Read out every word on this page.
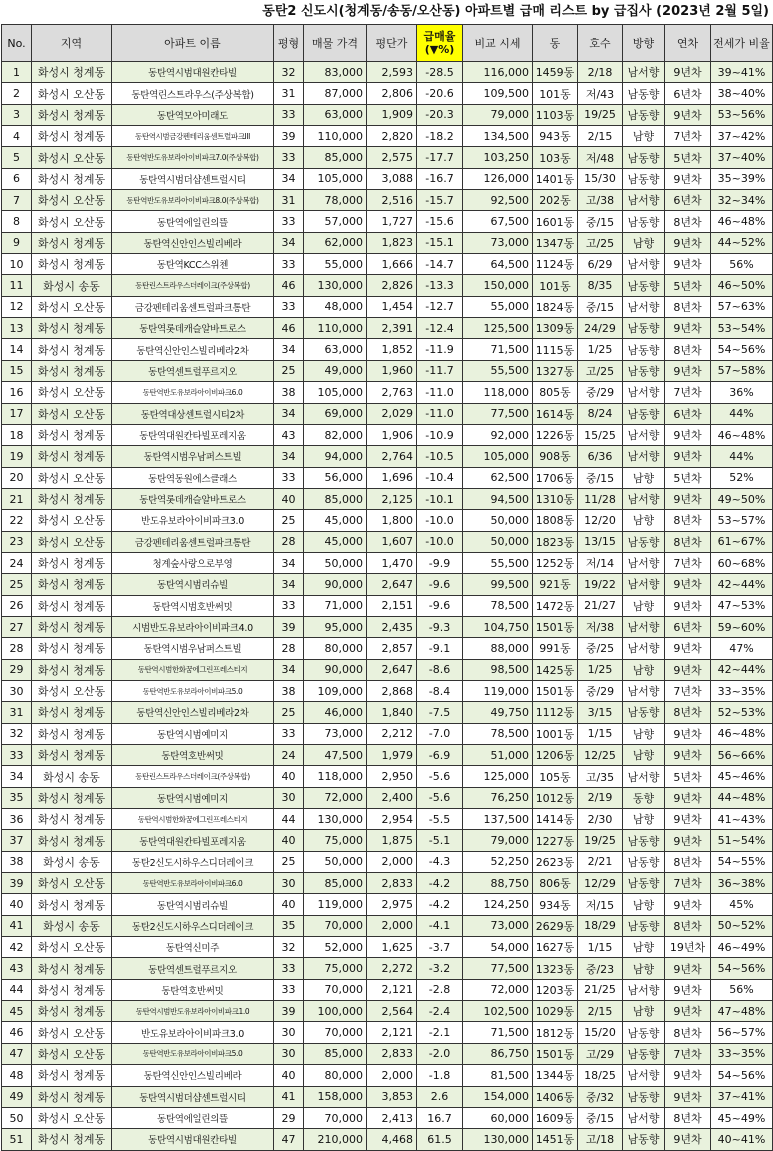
동탄2 신도시(청계동/송동/오산동) 아파트별 급매 리스트 by 급집사 (2023년 2월 5일)
No.	지역	아파트 이름	평형	매물 가격	평단가	급매율 (▼%)	비교 시세	동	호수	방향	연차	전세가 비율
1	화성시 청계동	동탄역시범대원칸타빌	32	83,000	2,593	-28.5	116,000	1459동	2/18	남서향	9년차	39~41%
2	화성시 오산동	동탄역린스트라우스(주상복합)	31	87,000	2,806	-20.6	109,500	101동	저/43	남동향	6년차	38~40%
3	화성시 청계동	동탄역모아미래도	33	63,000	1,909	-20.3	79,000	1103동	19/25	남동향	9년차	53~56%
4	화성시 청계동	동탄역시범금강펜테리움센트럴파크III	39	110,000	2,820	-18.2	134,500	943동	2/15	남향	7년차	37~42%
5	화성시 오산동	동탄역반도유보라아이비파크7.0(주상복합)	33	85,000	2,575	-17.7	103,250	103동	저/48	남동향	5년차	37~40%
6	화성시 청계동	동탄역시범더샵센트럴시티	34	105,000	3,088	-16.7	126,000	1401동	15/30	남동향	9년차	35~39%
7	화성시 오산동	동탄역반도유보라아이비파크8.0(주상복합)	31	78,000	2,516	-15.7	92,500	202동	고/38	남서향	6년차	32~34%
8	화성시 오산동	동탄역에일린의뜰	33	57,000	1,727	-15.6	67,500	1601동	중/15	남동향	8년차	46~48%
9	화성시 청계동	동탄역신안인스빌리베라	34	62,000	1,823	-15.1	73,000	1347동	고/25	남향	9년차	44~52%
10	화성시 청계동	동탄역KCC스위첸	33	55,000	1,666	-14.7	64,500	1124동	6/29	남서향	9년차	56%
11	화성시 송동	동탄린스트라우스더레이크(주상복합)	46	130,000	2,826	-13.3	150,000	101동	8/35	남동향	5년차	46~50%
12	화성시 오산동	금강펜테리움센트럴파크통탄	33	48,000	1,454	-12.7	55,000	1824동	중/15	남서향	8년차	57~63%
13	화성시 청계동	동탄역롯데캐슬알바트로스	46	110,000	2,391	-12.4	125,500	1309동	24/29	남동향	9년차	53~54%
14	화성시 청계동	동탄역신안인스빌리베라2차	34	63,000	1,852	-11.9	71,500	1115동	1/25	남동향	8년차	54~56%
15	화성시 청계동	동탄역센트럴푸르지오	25	49,000	1,960	-11.7	55,500	1327동	고/25	남동향	9년차	57~58%
16	화성시 오산동	동탄역반도유보라아이비파크6.0	38	105,000	2,763	-11.0	118,000	805동	중/29	남서향	7년차	36%
17	화성시 오산동	동탄역대상센트럴시티2차	34	69,000	2,029	-11.0	77,500	1614동	8/24	남동향	6년차	44%
18	화성시 청계동	동탄역대원칸타빌포레지움	43	82,000	1,906	-10.9	92,000	1226동	15/25	남서향	9년차	46~48%
19	화성시 청계동	동탄역시범우남퍼스트빌	34	94,000	2,764	-10.5	105,000	908동	6/36	남서향	9년차	44%
20	화성시 오산동	동탄역동원에스클래스	33	56,000	1,696	-10.4	62,500	1706동	중/15	남향	5년차	52%
21	화성시 청계동	동탄역롯데캐슬알바트로스	40	85,000	2,125	-10.1	94,500	1310동	11/28	남서향	9년차	49~50%
22	화성시 오산동	반도유보라아이비파크3.0	25	45,000	1,800	-10.0	50,000	1808동	12/20	남향	8년차	53~57%
23	화성시 오산동	금강펜테리움센트럴파크통탄	28	45,000	1,607	-10.0	50,000	1823동	13/15	남동향	8년차	61~67%
24	화성시 청계동	청계숲사랑으로부영	34	50,000	1,470	-9.9	55,500	1252동	저/14	남서향	7년차	60~68%
25	화성시 청계동	동탄역시범리슈빌	34	90,000	2,647	-9.6	99,500	921동	19/22	남서향	9년차	42~44%
26	화성시 청계동	동탄역시범호반써밋	33	71,000	2,151	-9.6	78,500	1472동	21/27	남향	9년차	47~53%
27	화성시 청계동	시범반도유보라아이비파크4.0	39	95,000	2,435	-9.3	104,750	1501동	저/38	남서향	6년차	59~60%
28	화성시 청계동	동탄역시범우남퍼스트빌	28	80,000	2,857	-9.1	88,000	991동	중/25	남서향	9년차	47%
29	화성시 청계동	동탄역시범한화꿈에그린프레스티지	34	90,000	2,647	-8.6	98,500	1425동	1/25	남향	9년차	42~44%
30	화성시 오산동	동탄역반도유보라아이비파크5.0	38	109,000	2,868	-8.4	119,000	1501동	중/29	남서향	7년차	33~35%
31	화성시 청계동	동탄역신안인스빌리베라2차	25	46,000	1,840	-7.5	49,750	1112동	3/15	남동향	8년차	52~53%
32	화성시 청계동	동탄역시범예미지	33	73,000	2,212	-7.0	78,500	1001동	1/15	남향	9년차	46~48%
33	화성시 청계동	동탄역호반써밋	24	47,500	1,979	-6.9	51,000	1206동	12/25	남향	9년차	56~66%
34	화성시 송동	동탄린스트라우스더레이크(주상복합)	40	118,000	2,950	-5.6	125,000	105동	고/35	남서향	5년차	45~46%
35	화성시 청계동	동탄역시범예미지	30	72,000	2,400	-5.6	76,250	1012동	2/19	동향	9년차	44~48%
36	화성시 청계동	동탄역시범한화꿈에그린프레스티지	44	130,000	2,954	-5.5	137,500	1414동	2/30	남향	9년차	41~43%
37	화성시 청계동	동탄역대원칸타빌포레지움	40	75,000	1,875	-5.1	79,000	1227동	19/25	남동향	9년차	51~54%
38	화성시 송동	동탄2신도시하우스디더레이크	25	50,000	2,000	-4.3	52,250	2623동	2/21	남동향	8년차	54~55%
39	화성시 오산동	동탄역반도유보라아이비파크6.0	30	85,000	2,833	-4.2	88,750	806동	12/29	남동향	7년차	36~38%
40	화성시 청계동	동탄역시범리슈빌	40	119,000	2,975	-4.2	124,250	934동	저/15	남향	9년차	45%
41	화성시 송동	동탄2신도시하우스디더레이크	35	70,000	2,000	-4.1	73,000	2629동	18/29	남동향	8년차	50~52%
42	화성시 오산동	동탄역신미주	32	52,000	1,625	-3.7	54,000	1627동	1/15	남향	19년차	46~49%
43	화성시 청계동	동탄역센트럴푸르지오	33	75,000	2,272	-3.2	77,500	1323동	중/23	남향	9년차	54~56%
44	화성시 청계동	동탄역호반써밋	33	70,000	2,121	-2.8	72,000	1203동	21/25	남서향	9년차	56%
45	화성시 청계동	동탄역시범반도유보라아이비파크1.0	39	100,000	2,564	-2.4	102,500	1029동	2/15	남향	9년차	47~48%
46	화성시 오산동	반도유보라아이비파크3.0	30	70,000	2,121	-2.1	71,500	1812동	15/20	남동향	8년차	56~57%
47	화성시 오산동	동탄역반도유보라아이비파크5.0	30	85,000	2,833	-2.0	86,750	1501동	고/29	남동향	7년차	33~35%
48	화성시 청계동	동탄역신안인스빌리베라	40	80,000	2,000	-1.8	81,500	1344동	18/25	남서향	9년차	54~56%
49	화성시 청계동	동탄역시범더샵센트럴시티	41	158,000	3,853	2.6	154,000	1406동	중/32	남동향	9년차	37~41%
50	화성시 오산동	동탄역에일린의뜰	29	70,000	2,413	16.7	60,000	1609동	중/15	남서향	8년차	45~49%
51	화성시 청계동	동탄역시범대원칸타빌	47	210,000	4,468	61.5	130,000	1451동	고/18	남동향	9년차	40~41%
